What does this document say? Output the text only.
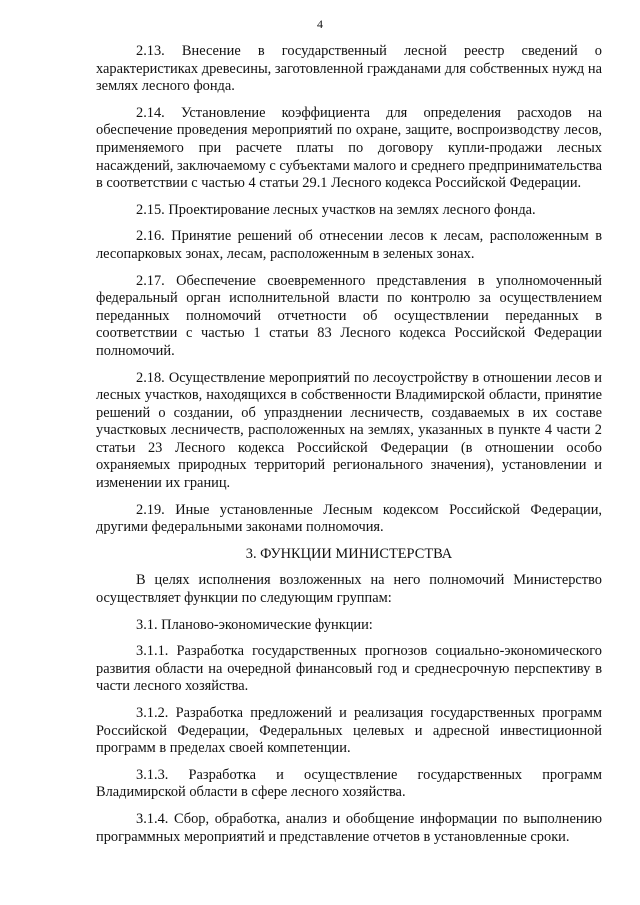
4

2.13. Внесение в государственный лесной реестр сведений о характеристиках древесины, заготовленной гражданами для собственных нужд на землях лесного фонда.

2.14. Установление коэффициента для определения расходов на обеспечение проведения мероприятий по охране, защите, воспроизводству лесов, применяемого при расчете платы по договору купли-продажи лесных насаждений, заключаемому с субъектами малого и среднего предпринимательства в соответствии с частью 4 статьи 29.1 Лесного кодекса Российской Федерации.

2.15. Проектирование лесных участков на землях лесного фонда.

2.16. Принятие решений об отнесении лесов к лесам, расположенным в лесопарковых зонах, лесам, расположенным в зеленых зонах.

2.17. Обеспечение своевременного представления в уполномоченный федеральный орган исполнительной власти по контролю за осуществлением переданных полномочий отчетности об осуществлении переданных в соответствии с частью 1 статьи 83 Лесного кодекса Российской Федерации полномочий.

2.18. Осуществление мероприятий по лесоустройству в отношении лесов и лесных участков, находящихся в собственности Владимирской области, принятие решений о создании, об упразднении лесничеств, создаваемых в их составе участковых лесничеств, расположенных на землях, указанных в пункте 4 части 2 статьи 23 Лесного кодекса Российской Федерации (в отношении особо охраняемых природных территорий регионального значения), установлении и изменении их границ.

2.19. Иные установленные Лесным кодексом Российской Федерации, другими федеральными законами полномочия.

3. ФУНКЦИИ МИНИСТЕРСТВА

В целях исполнения возложенных на него полномочий Министерство осуществляет функции по следующим группам:

3.1. Планово-экономические функции:

3.1.1. Разработка государственных прогнозов социально-экономического развития области на очередной финансовый год и среднесрочную перспективу в части лесного хозяйства.

3.1.2. Разработка предложений и реализация государственных программ Российской Федерации, Федеральных целевых и адресной инвестиционной программ в пределах своей компетенции.

3.1.3. Разработка и осуществление государственных программ Владимирской области в сфере лесного хозяйства.

3.1.4. Сбор, обработка, анализ и обобщение информации по выполнению программных мероприятий и представление отчетов в установленные сроки.
